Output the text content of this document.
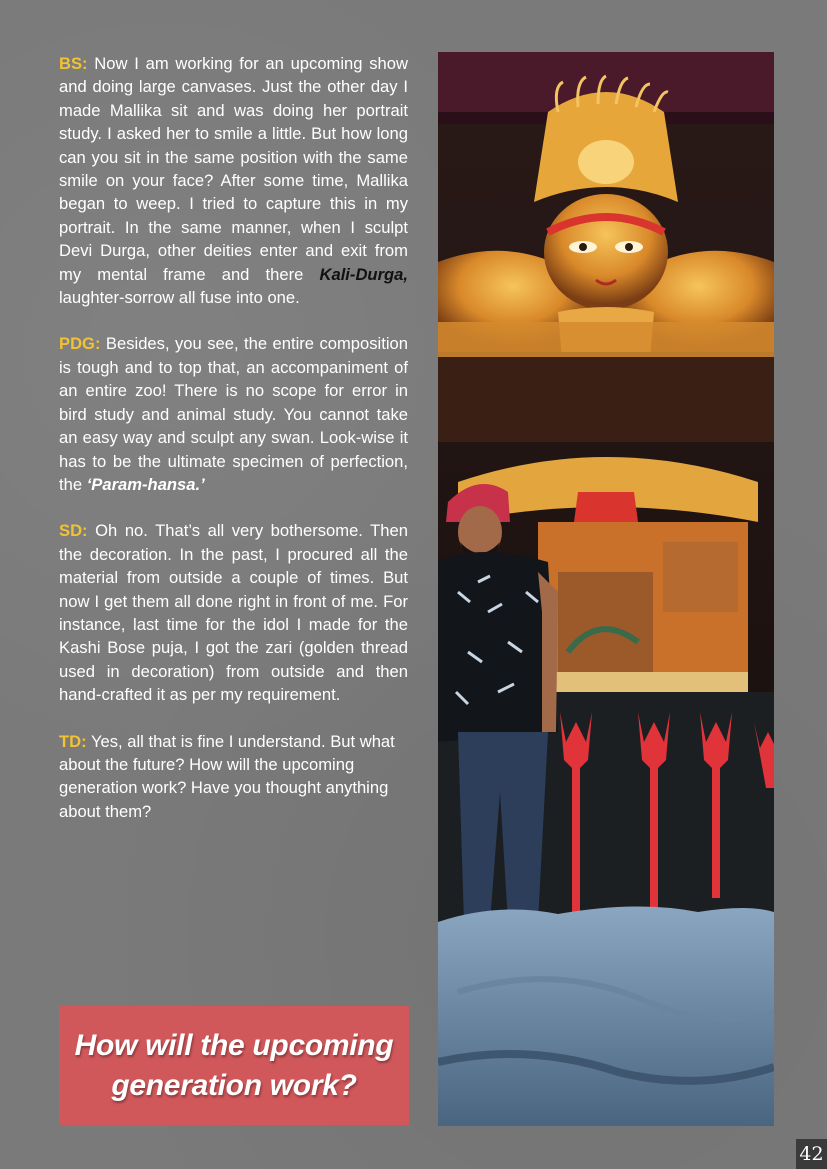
BS: Now I am working for an upcoming show and doing large canvases. Just the other day I made Mallika sit and was doing her portrait study. I asked her to smile a little. But how long can you sit in the same position with the same smile on your face? After some time, Mallika began to weep. I tried to capture this in my portrait. In the same manner, when I sculpt Devi Durga, other deities enter and exit from my mental frame and there Kali-Durga, laughter-sorrow all fuse into one.

PDG: Besides, you see, the entire composition is tough and to top that, an accompaniment of an entire zoo! There is no scope for error in bird study and animal study. You cannot take an easy way and sculpt any swan. Look-wise it has to be the ultimate specimen of perfection, the ‘Param-hansa.’

SD: Oh no. That’s all very bothersome. Then the decoration. In the past, I procured all the material from outside a couple of times. But now I get them all done right in front of me. For instance, last time for the idol I made for the Kashi Bose puja, I got the zari (golden thread used in decoration) from outside and then hand-crafted it as per my requirement.

TD: Yes, all that is fine I understand. But what about the future? How will the upcoming generation work? Have you thought anything about them?

How will the upcoming generation work?
42
